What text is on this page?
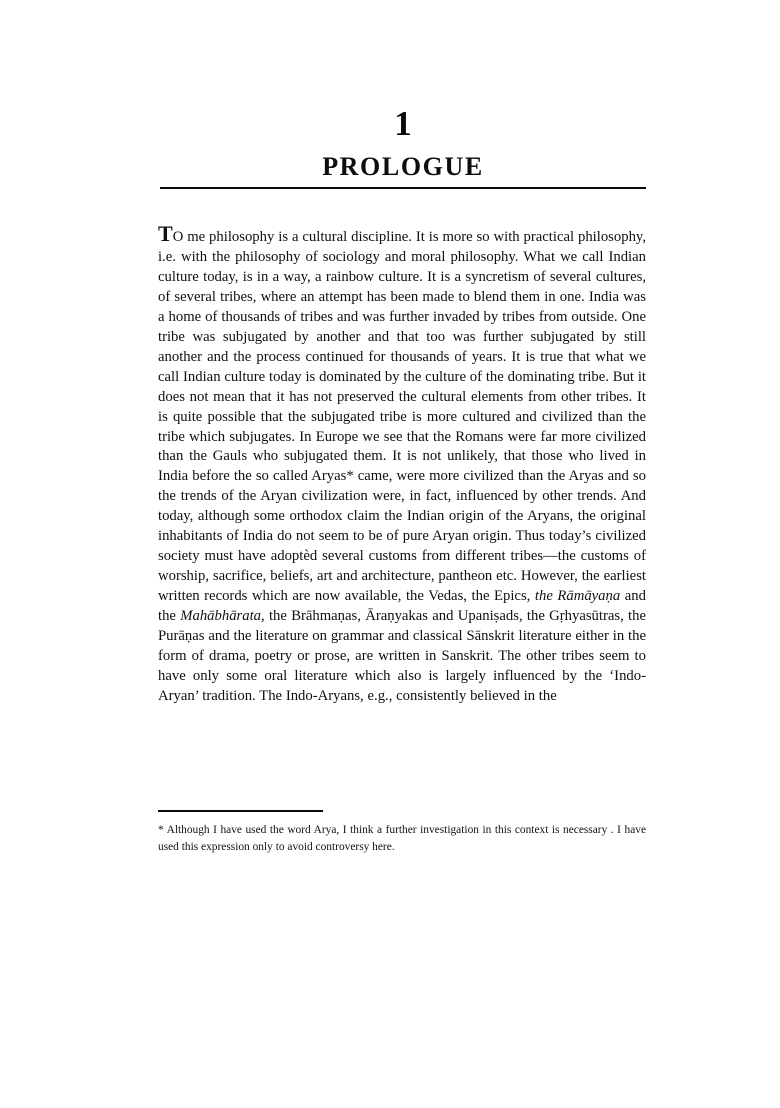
1
PROLOGUE

TO me philosophy is a cultural discipline. It is more so with practical philosophy, i.e. with the philosophy of sociology and moral philosophy. What we call Indian culture today, is in a way, a rainbow culture. It is a syncretism of several cultures, of several tribes, where an attempt has been made to blend them in one. India was a home of thousands of tribes and was further invaded by tribes from outside. One tribe was subjugated by another and that too was further subjugated by still another and the process continued for thousands of years. It is true that what we call Indian culture today is dominated by the culture of the dominating tribe. But it does not mean that it has not preserved the cultural elements from other tribes. It is quite possible that the subjugated tribe is more cultured and civilized than the tribe which subjugates. In Europe we see that the Romans were far more civilized than the Gauls who subjugated them. It is not unlikely, that those who lived in India before the so called Aryas* came, were more civilized than the Aryas and so the trends of the Aryan civilization were, in fact, influenced by other trends. And today, although some orthodox claim the Indian origin of the Aryans, the original inhabitants of India do not seem to be of pure Aryan origin. Thus today’s civilized society must have adoptèd several customs from different tribes—the customs of worship, sacrifice, beliefs, art and architecture, pantheon etc. However, the earliest written records which are now available, the Vedas, the Epics, the Rāmāyaṇa and the Mahābhārata, the Brāhmaṇas, Āraṇyakas and Upaniṣads, the Gṛhyasūtras, the Purāṇas and the literature on grammar and classical Sānskrit literature either in the form of drama, poetry or prose, are written in Sanskrit. The other tribes seem to have only some oral literature which also is largely influenced by the ‘Indo-Aryan’ tradition. The Indo-Aryans, e.g., consistently believed in the

* Although I have used the word Arya, I think a further investigation in this context is necessary . I have used this expression only to avoid controversy here.
